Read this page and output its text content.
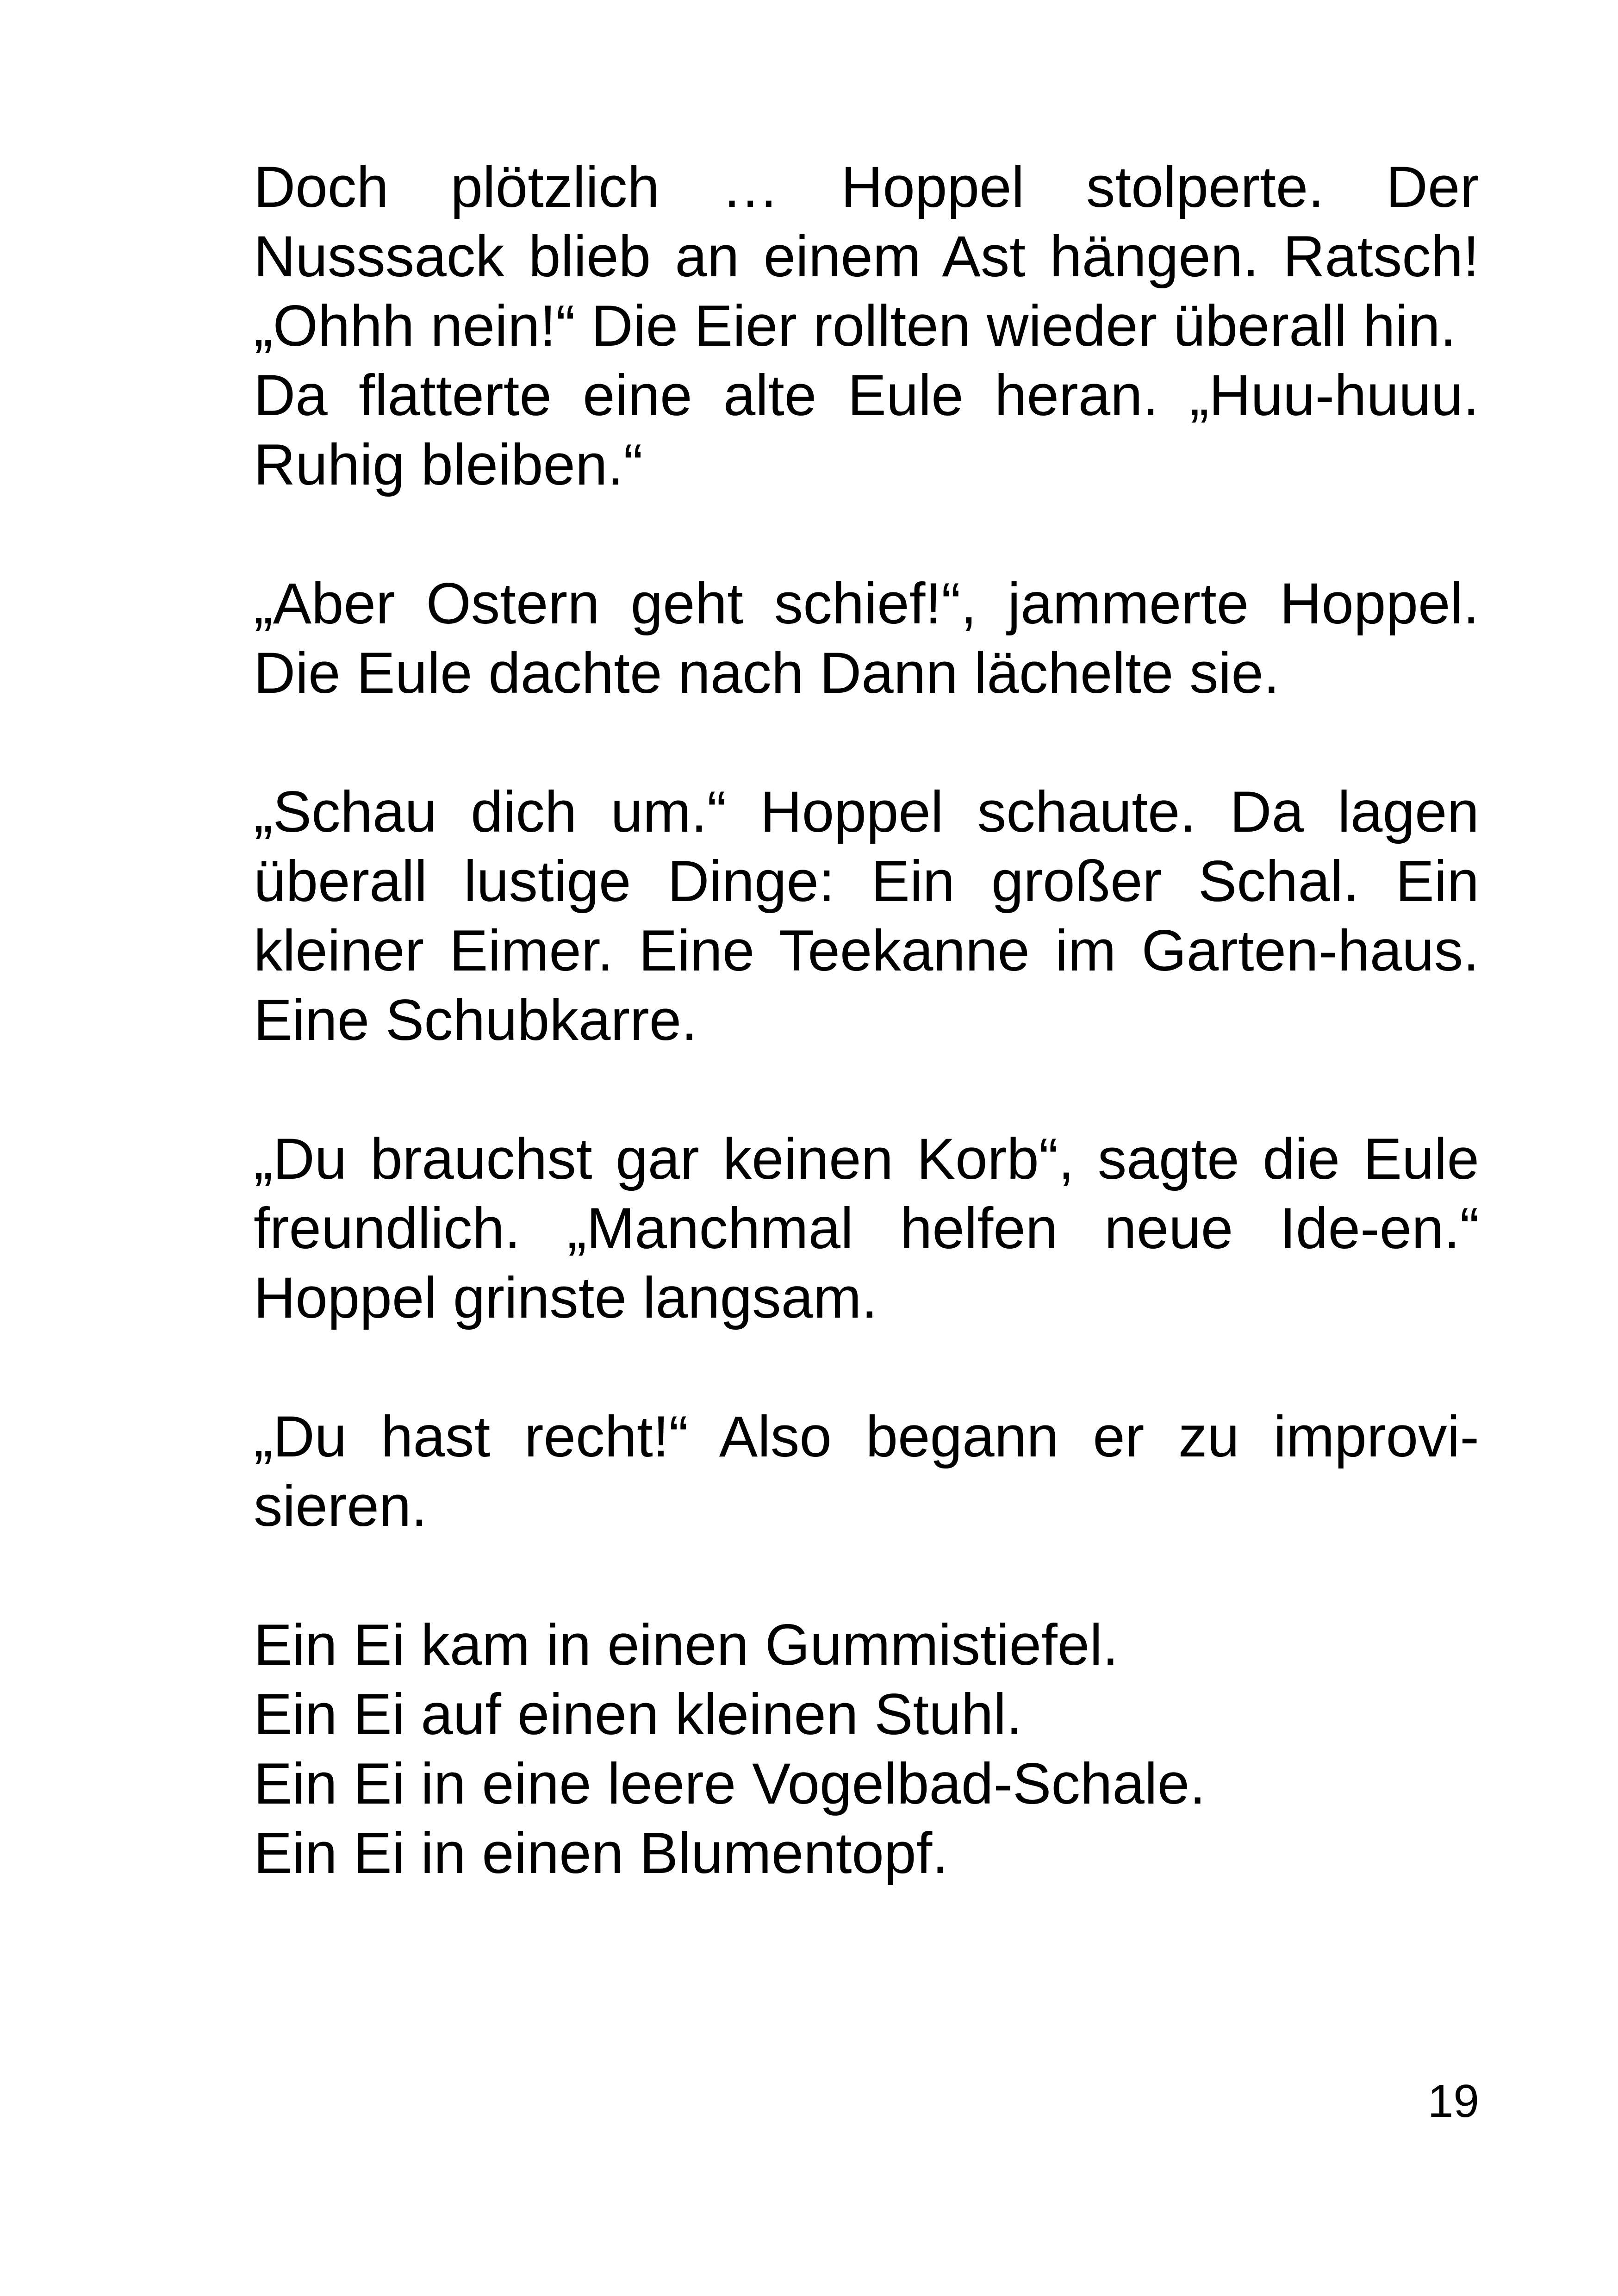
Doch plötzlich … Hoppel stolperte. Der Nusssack blieb an einem Ast hängen. Ratsch! „Ohhh nein!“ Die Eier rollten wieder überall hin.

Da flatterte eine alte Eule heran. „Huu-huuu. Ruhig bleiben.“

„Aber Ostern geht schief!“, jammerte Hoppel. Die Eule dachte nach Dann lächelte sie.

„Schau dich um.“ Hoppel schaute. Da lagen überall lustige Dinge: Ein großer Schal. Ein kleiner Eimer. Eine Teekanne im Garten-haus. Eine Schubkarre.

„Du brauchst gar keinen Korb“, sagte die Eule freundlich. „Manchmal helfen neue Ide-en.“ Hoppel grinste langsam.

„Du hast recht!“ Also begann er zu improvi-sieren.

Ein Ei kam in einen Gummistiefel.
Ein Ei auf einen kleinen Stuhl.
Ein Ei in eine leere Vogelbad-Schale.
Ein Ei in einen Blumentopf.
19
